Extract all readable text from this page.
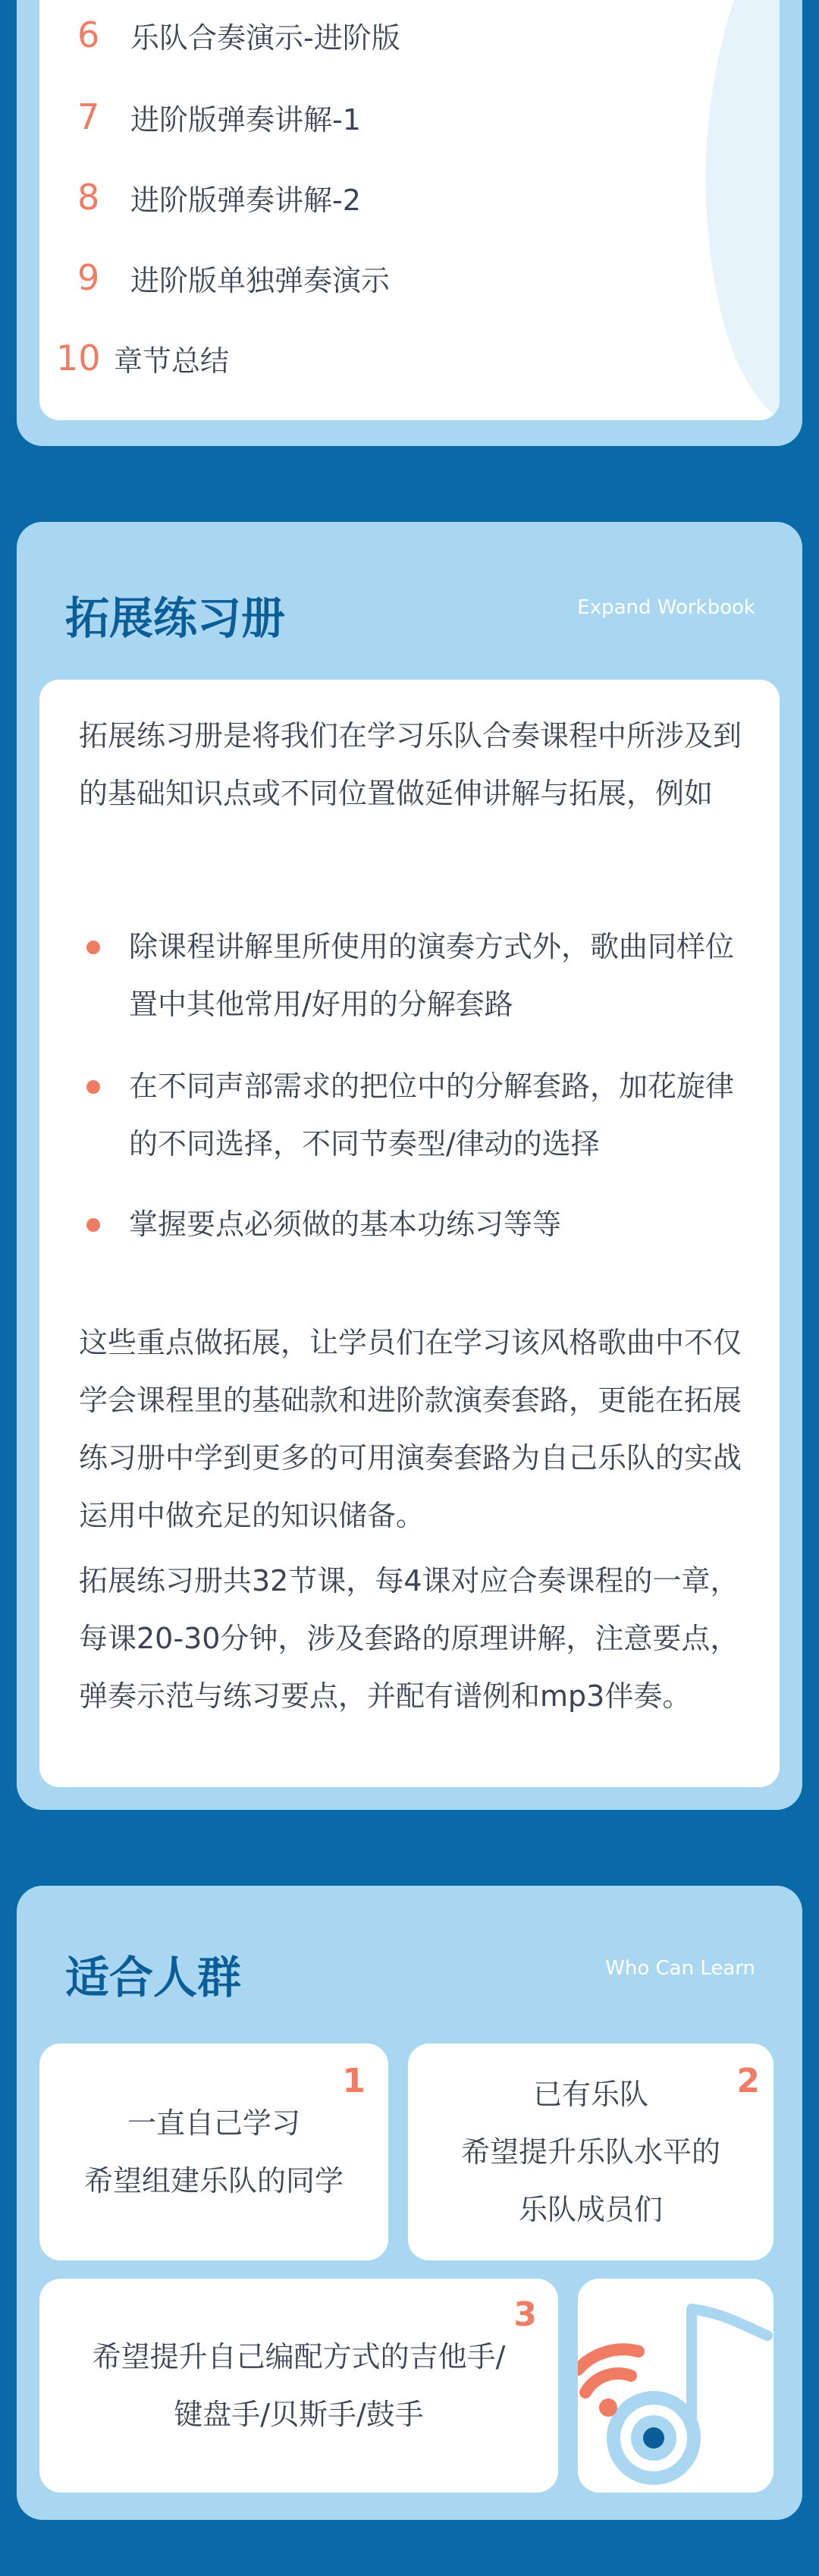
6	乐队合奏演示-进阶版
7	进阶版弹奏讲解-1
8	进阶版弹奏讲解-2
9	进阶版单独弹奏演示
10 章节总结
拓展练习册	Expand Workbook
拓展练习册是将我们在学习乐队合奏课程中所涉及到的基础知识点或不同位置做延伸讲解与拓展，例如
除课程讲解里所使用的演奏方式外，歌曲同样位置中其他常用/好用的分解套路
在不同声部需求的把位中的分解套路，加花旋律的不同选择，不同节奏型/律动的选择
掌握要点必须做的基本功练习等等
这些重点做拓展，让学员们在学习该风格歌曲中不仅学会课程里的基础款和进阶款演奏套路，更能在拓展练习册中学到更多的可用演奏套路为自己乐队的实战运用中做充足的知识储备。
拓展练习册共32节课，每4课对应合奏课程的一章，每课20-30分钟，涉及套路的原理讲解，注意要点，弹奏示范与练习要点，并配有谱例和mp3伴奏。
适合人群	Who Can Learn
1
一直自己学习
希望组建乐队的同学
2
已有乐队
希望提升乐队水平的
乐队成员们
3
希望提升自己编配方式的吉他手/
键盘手/贝斯手/鼓手
